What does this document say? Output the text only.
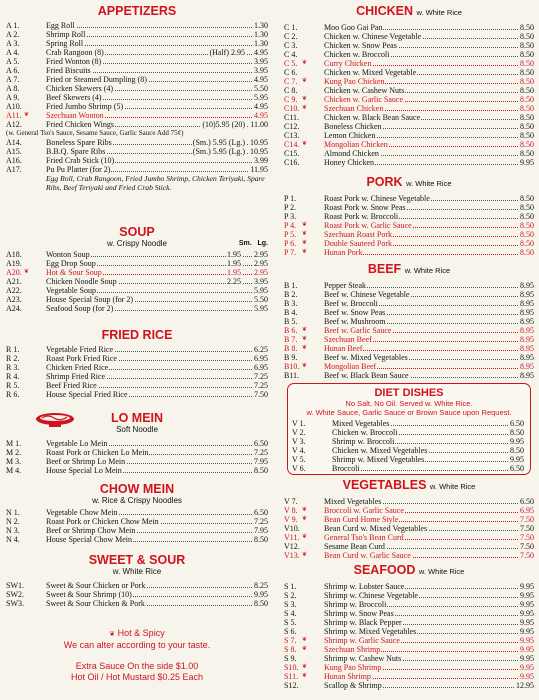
APPETIZERS
A 1.	Egg Roll	1.30
A 2.	Shrimp Roll	1.30
A 3.	Spring Roll	1.30
A 4.	Crab Rangoon (8)	(Half) 2.95 4.95
A 5.	Fried Wonton (8)	3.95
A 6.	Fried Biscuits	3.95
A 7.	Fried or Steamed Dumpling (8)	4.95
A 8.	Chicken Skewers (4)	5.50
A 9.	Beef Skewers (4)	5.95
A10.	Fried Jumbo Shrimp (5)	4.95
A11. ❦ Szechuan Wonton	4.95
A12.	Fried Chicken Wings	(10)5.95 (20) 11.00
(w. General Tso's Sauce, Sesame Sauce, Garlic Sauce Add 75¢)
A14.	Boneless Spare Ribs	(Sm.) 5.95 (Lg.) 10.95
A15.	B.B.Q. Spare Ribs	(Sm.) 5.95 (Lg.) 10.95
A16.	Fried Crab Stick (10)	3.99
A17.	Pu Pu Platter (for 2)	11.95
Egg Roll, Crab Rangoon, Fried Jumbo Shrimp, Chicken Teriyaki, Spare Ribs, Beef Teriyaki and Fried Crab Stick.
SOUP
w. Crispy Noodle	Sm. Lg.
A18.	Wonton Soup	1.95 2.95
A19.	Egg Drop Soup	1.95 2.95
A20. ❦ Hot & Sour Soup	1.95 2.95
A21.	Chicken Noodle Soup	2.25 3.95
A22.	Vegetable Soup	5.95
A23.	House Special Soup (for 2)	5.50
A24.	Seafood Soup (for 2)	5.95
FRIED RICE
R 1.	Vegetable Fried Rice	6.25
R 2.	Roast Pork Fried Rice	6.95
R 3.	Chicken Fried Rice	6.95
R 4.	Shrimp Fried Rice	7.25
R 5.	Beef Fried Rice	7.25
R 6.	House Special Fried Rice	7.50
LO MEIN
Soft Noodle
M 1.	Vegetable Lo Mein	6.50
M 2.	Roast Pork or Chicken Lo Mein	7.25
M 3.	Beef or Shrimp Lo Mein	7.95
M 4.	House Special Lo Mein	8.50
CHOW MEIN
w. Rice & Crispy Noodles
N 1.	Vegetable Chow Mein	6.50
N 2.	Roast Pork or Chicken Chow Mein	7.25
N 3.	Beef or Shrimp Chow Mein	7.95
N 4.	House Special Chow Mein	8.50
SWEET & SOUR
w. White Rice
SW1.	Sweet & Sour Chicken or Pork	8.25
SW2.	Sweet & Sour Shrimp (10)	9.95
SW3.	Sweet & Sour Chicken & Pork	8.50
❦ Hot & Spicy
We can alter according to your taste.
Extra Sauce On the side $1.00
Hot Oil / Hot Mustard $0.25 Each
CHICKEN w. White Rice
C 1.	Moo Goo Gai Pan	8.50
C 2.	Chicken w. Chinese Vegetable	8.50
C 3.	Chicken w. Snow Peas	8.50
C 4.	Chicken w. Broccoli	8.50
C 5. ❦ Curry Chicken	8.50
C 6.	Chicken w. Mixed Vegetable	8.50
C 7. ❦ Kung Pao Chicken	8.50
C 8.	Chicken w. Cashew Nuts	8.50
C 9. ❦ Chicken w. Garlic Sauce	8.50
C10. ❦ Szechuan Chicken	8.50
C11.	Chicken w. Black Bean Sauce	8.50
C12.	Boneless Chicken	8.50
C13.	Lemon Chicken	8.50
C14. ❦ Mongolian Chicken	8.50
C15.	Almond Chicken	8.50
C16.	Honey Chicken	9.95
PORK w. White Rice
P 1.	Roast Pork w. Chinese Vegetable	8.50
P 2.	Roast Pork w. Snow Peas	8.50
P 3.	Roast Pork w. Broccoli	8.50
P 4. ❦ Roast Pork w. Garlic Sauce	8.50
P 5. ❦ Szechuan Roast Pork	8.50
P 6. ❦ Double Sauteed Pork	8.50
P 7. ❦ Hunan Pork	8.50
BEEF w. White Rice
B 1.	Pepper Steak	8.95
B 2.	Beef w. Chinese Vegetable	8.95
B 3.	Beef w. Broccoli	8.95
B 4.	Beef w. Snow Peas	8.95
B 5.	Beef w. Mushroom	8.95
B 6. ❦ Beef w. Garlic Sauce	8.95
B 7. ❦ Szechuan Beef	8.95
B 8. ❦ Hunan Beef	8.95
B 9.	Beef w. Mixed Vegetables	8.95
B10. ❦ Mongolian Beef	8.95
B11.	Beef w. Black Bean Sauce	8.95
DIET DISHES
No Salt, No Oil. Served w. White Rice.
w. White Sauce, Garlic Sauce or Brown Sauce upon Request.
V 1.	Mixed Vegetables	6.50
V 2.	Chicken w. Broccoli	8.50
V 3.	Shrimp w. Broccoli	9.95
V 4.	Chicken w. Mixed Vegetables	8.50
V 5.	Shrimp w. Mixed Vegetables	9.95
V 6.	Broccoli	6.50
VEGETABLES w. White Rice
V 7.	Mixed Vegetables	6.50
V 8. ❦ Broccoli w. Garlic Sauce	6.95
V 9. ❦ Bean Curd Home Style	7.50
V10.	Bean Curd w. Mixed Vegetables	7.50
V11. ❦ General Tso's Bean Curd	7.50
V12.	Sesame Bean Curd	7.50
V13. ❦ Bean Curd w. Garlic Sauce	7.50
SEAFOOD w. White Rice
S 1.	Shrimp w. Lobster Sauce	9.95
S 2.	Shrimp w. Chinese Vegetable	9.95
S 3.	Shrimp w. Broccoli	9.95
S 4.	Shrimp w. Snow Peas	9.95
S 5.	Shrimp w. Black Pepper	9.95
S 6.	Shrimp w. Mixed Vegetables	9.95
S 7. ❦ Shrimp w. Garlic Sauce	9.95
S 8. ❦ Szechuan Shrimp	9.95
S 9.	Shrimp w. Cashew Nuts	9.95
S10. ❦ Kung Pao Shrimp	9.95
S11. ❦ Hunan Shrimp	9.95
S12.	Scallop & Shrimp	12.95
